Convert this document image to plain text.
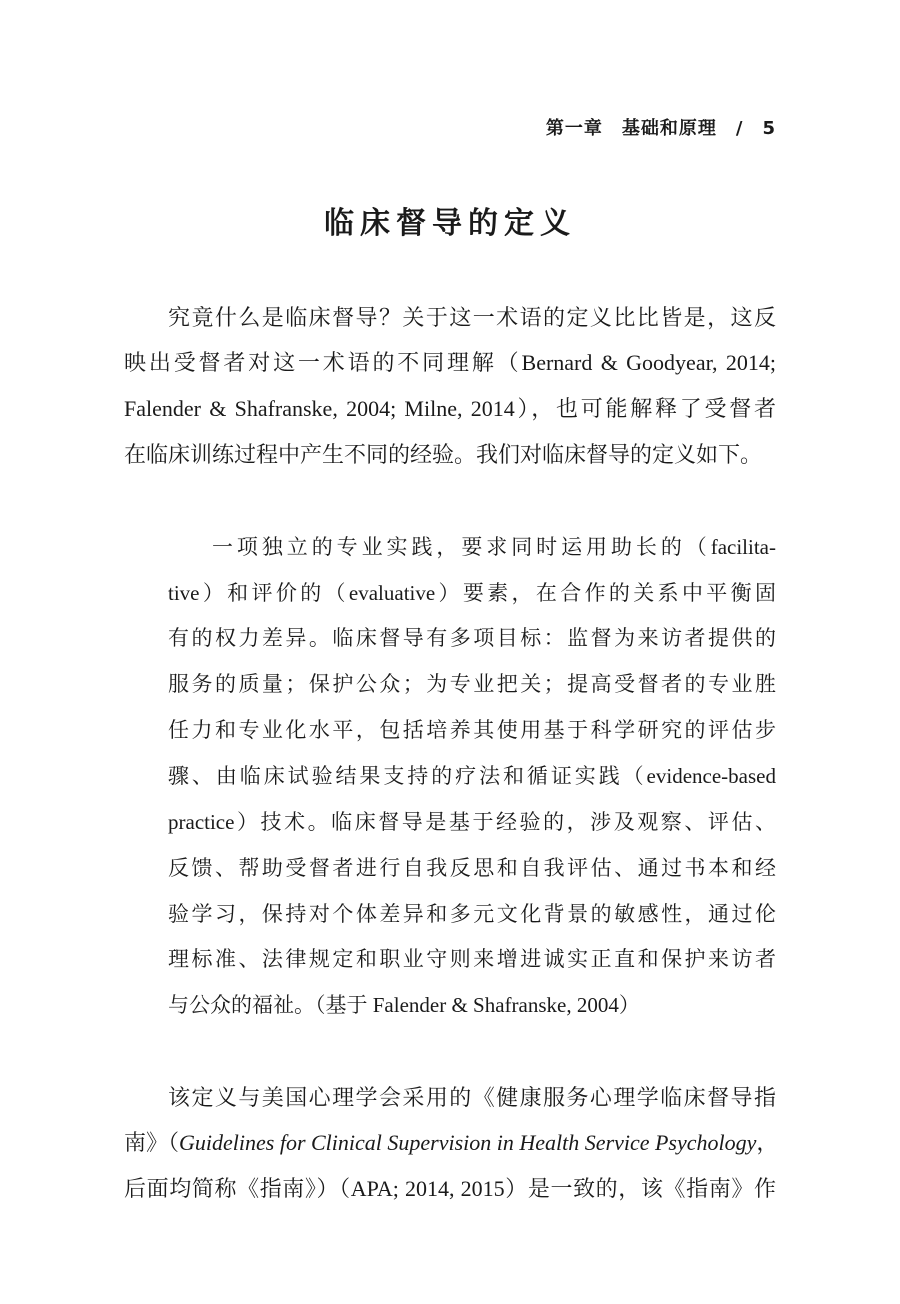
第一章　基础和原理　 /　 5
临床督导的定义
究竟什么是临床督导？关于这一术语的定义比比皆是，这反
映出受督者对这一术语的不同理解（Bernard & Goodyear, 2014;
Falender & Shafranske, 2004; Milne, 2014），也可能解释了受督者
在临床训练过程中产生不同的经验。我们对临床督导的定义如下。
一项独立的专业实践，要求同时运用助长的（facilita-
tive）和评价的（evaluative）要素，在合作的关系中平衡固
有的权力差异。临床督导有多项目标：监督为来访者提供的
服务的质量；保护公众；为专业把关；提高受督者的专业胜
任力和专业化水平，包括培养其使用基于科学研究的评估步
骤、由临床试验结果支持的疗法和循证实践（evidence-based
practice）技术。临床督导是基于经验的，涉及观察、评估、
反馈、帮助受督者进行自我反思和自我评估、通过书本和经
验学习，保持对个体差异和多元文化背景的敏感性，通过伦
理标准、法律规定和职业守则来增进诚实正直和保护来访者
与公众的福祉。（基于 Falender & Shafranske, 2004）
该定义与美国心理学会采用的《健康服务心理学临床督导指
南》（Guidelines for Clinical Supervision in Health Service Psychology，
后面均简称《指南》）（APA; 2014, 2015）是一致的，该《指南》作
